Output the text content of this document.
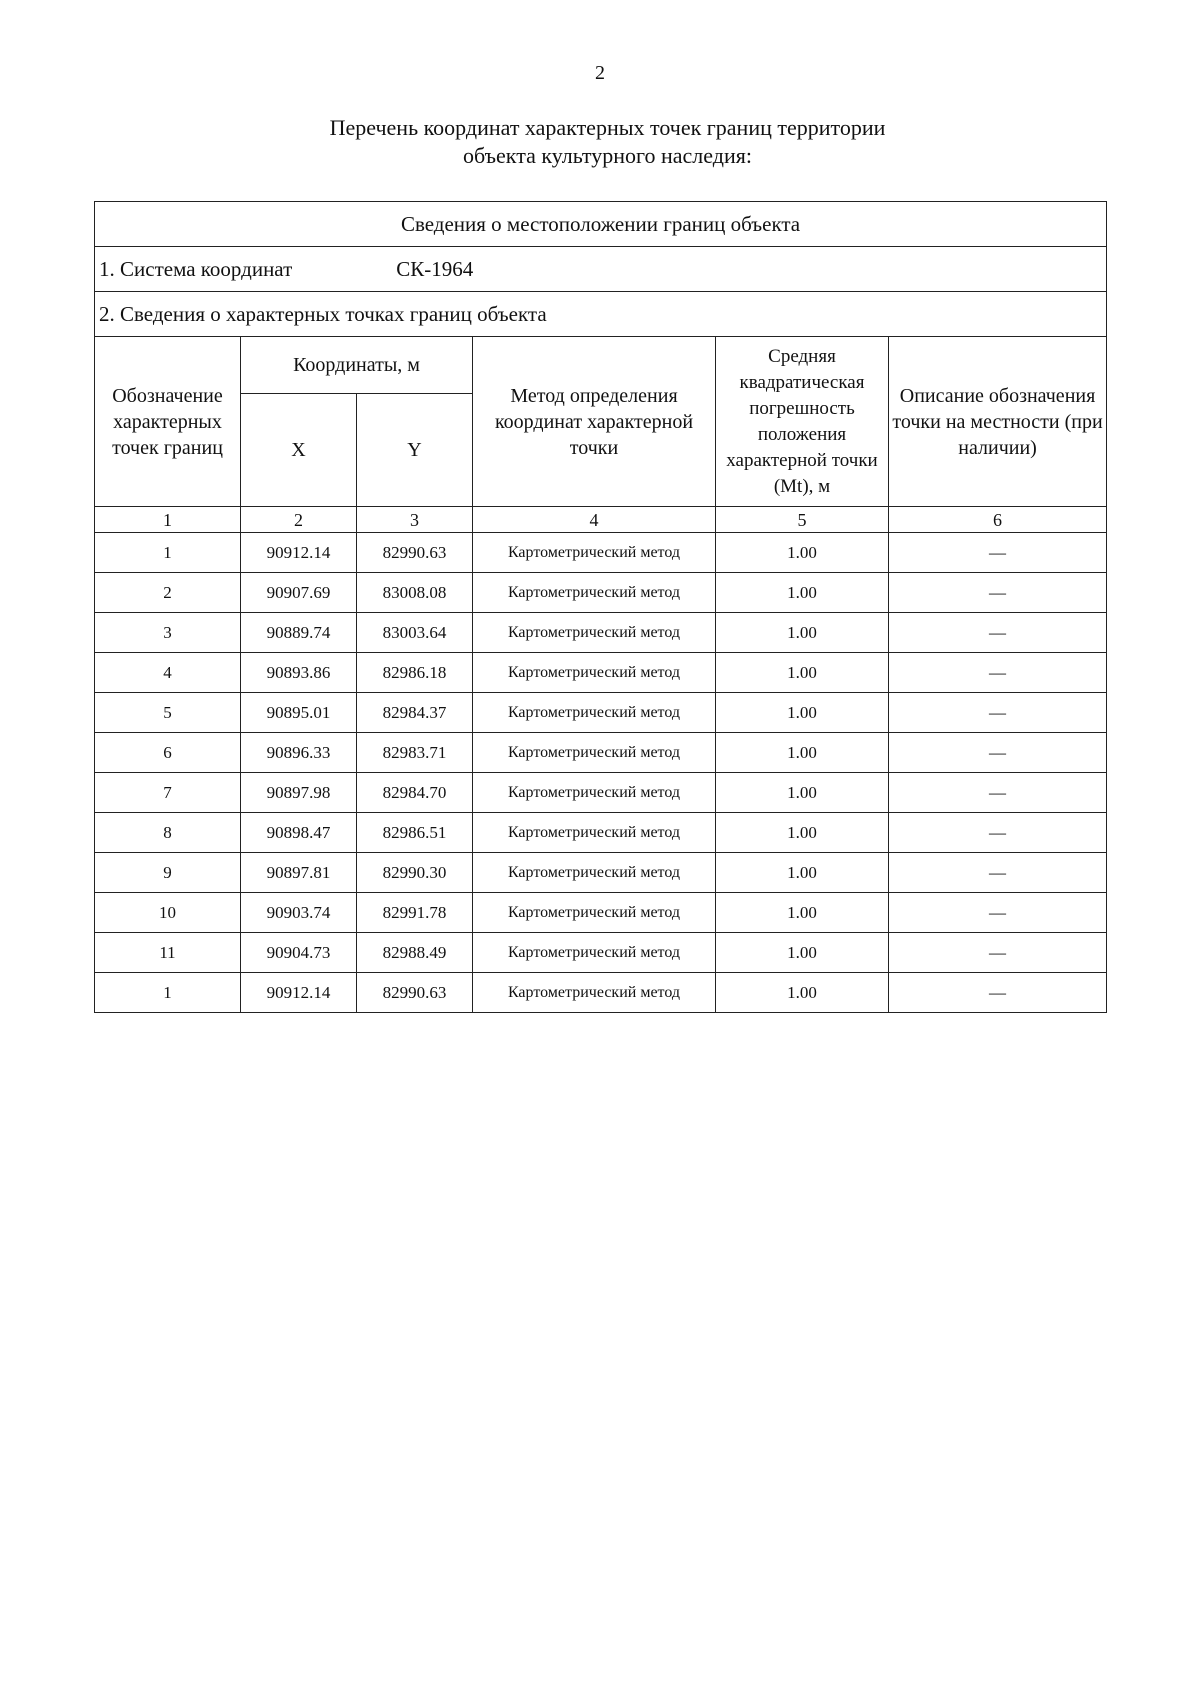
2
Перечень координат характерных точек границ территории
объекта культурного наследия:
Сведения о местоположении границ объекта					
1. Система координат СК-1964					
2. Сведения о характерных точках границ объекта					
Обозначение характерных точек границ	Координаты, м		Метод определения координат характерной точки	Средняя квадратическая погрешность положения характерной точки (Mt), м	Описание обозначения точки на местности (при наличии)
	X	Y			
1	2	3	4	5	6
1	90912.14	82990.63	Картометрический метод	1.00	—
2	90907.69	83008.08	Картометрический метод	1.00	—
3	90889.74	83003.64	Картометрический метод	1.00	—
4	90893.86	82986.18	Картометрический метод	1.00	—
5	90895.01	82984.37	Картометрический метод	1.00	—
6	90896.33	82983.71	Картометрический метод	1.00	—
7	90897.98	82984.70	Картометрический метод	1.00	—
8	90898.47	82986.51	Картометрический метод	1.00	—
9	90897.81	82990.30	Картометрический метод	1.00	—
10	90903.74	82991.78	Картометрический метод	1.00	—
11	90904.73	82988.49	Картометрический метод	1.00	—
1	90912.14	82990.63	Картометрический метод	1.00	—
